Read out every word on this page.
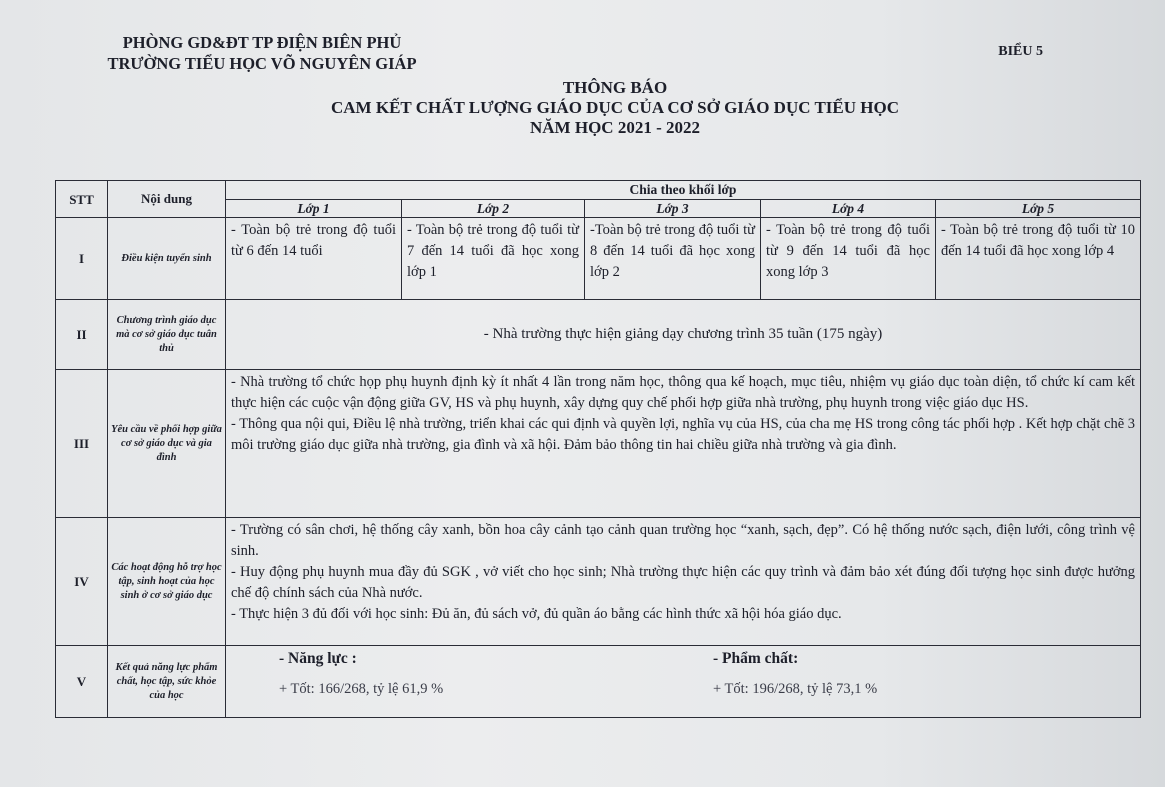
PHÒNG GD&ĐT TP ĐIỆN BIÊN PHỦ
TRƯỜNG TIỂU HỌC VÕ NGUYÊN GIÁP
BIỂU 5
THÔNG BÁO
CAM KẾT CHẤT LƯỢNG GIÁO DỤC CỦA CƠ SỞ GIÁO DỤC TIỂU HỌC
NĂM HỌC 2021 - 2022
STT	Nội dung	Chia theo khối lớp				
		Lớp 1	Lớp 2	Lớp 3	Lớp 4	Lớp 5
I	Điều kiện tuyển sinh	- Toàn bộ trẻ trong độ tuổi từ 6 đến 14 tuổi	- Toàn bộ trẻ trong độ tuổi từ 7 đến 14 tuổi đã học xong lớp 1	-Toàn bộ trẻ trong độ tuổi từ 8 đến 14 tuổi đã học xong lớp 2	- Toàn bộ trẻ trong độ tuổi từ 9 đến 14 tuổi đã học xong lớp 3	- Toàn bộ trẻ trong độ tuổi từ 10 đến 14 tuổi đã học xong lớp 4
II	Chương trình giáo dục mà cơ sở giáo dục tuân thủ	- Nhà trường thực hiện giảng dạy chương trình 35 tuần (175 ngày)				
III	Yêu cầu về phối hợp giữa cơ sở giáo dục và gia đình	- Nhà trường tổ chức họp phụ huynh định kỳ ít nhất 4 lần trong năm học, thông qua kế hoạch, mục tiêu, nhiệm vụ giáo dục toàn diện, tổ chức kí cam kết thực hiện các cuộc vận động giữa GV, HS và phụ huynh, xây dựng quy chế phối hợp giữa nhà trường, phụ huynh trong việc giáo dục HS.
- Thông qua nội qui, Điều lệ nhà trường, triển khai các qui định và quyền lợi, nghĩa vụ của HS, của cha mẹ HS trong công tác phối hợp . Kết hợp chặt chẽ 3 môi trường giáo dục giữa nhà trường, gia đình và xã hội. Đảm bảo thông tin hai chiều giữa nhà trường và gia đình.				

IV	Các hoạt động hỗ trợ học tập, sinh hoạt của học sinh ở cơ sở giáo dục	- Trường có sân chơi, hệ thống cây xanh, bồn hoa cây cảnh tạo cảnh quan trường học “xanh, sạch, đẹp”. Có hệ thống nước sạch, điện lưới, công trình vệ sinh.
- Huy động phụ huynh mua đầy đủ SGK , vở viết cho học sinh; Nhà trường thực hiện các quy trình và đảm bảo xét đúng đối tượng học sinh được hưởng chế độ chính sách của Nhà nước.
- Thực hiện 3 đủ đối với học sinh: Đủ ăn, đủ sách vở, đủ quần áo bằng các hình thức xã hội hóa giáo dục.				

V	Kết quả năng lực phẩm chất, học tập, sức khỏe của học	- Năng lực :
+ Tốt: 166/268, tỷ lệ 61,9 %
- Phẩm chất:
+ Tốt: 196/268, tỷ lệ 73,1 %				
